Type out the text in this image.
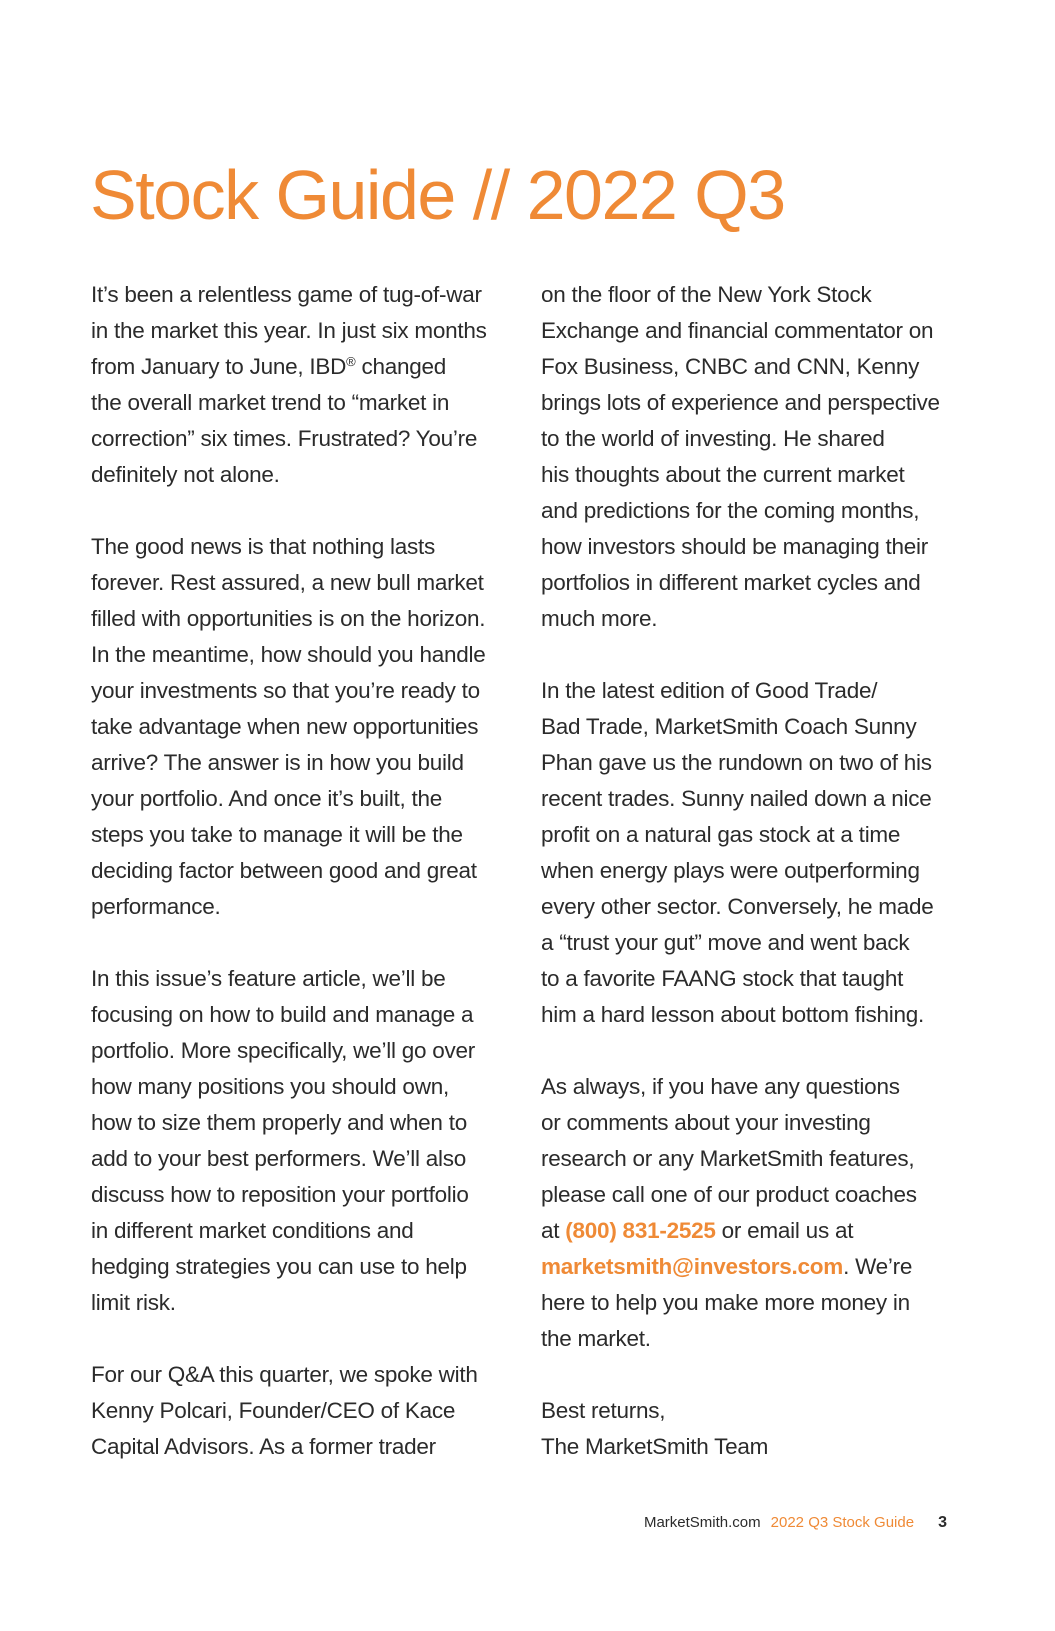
Stock Guide // 2022 Q3
It’s been a relentless game of tug-of-war
in the market this year. In just six months
from January to June, IBD® changed
the overall market trend to “market in
correction” six times. Frustrated? You’re
definitely not alone.
The good news is that nothing lasts
forever. Rest assured, a new bull market
filled with opportunities is on the horizon.
In the meantime, how should you handle
your investments so that you’re ready to
take advantage when new opportunities
arrive? The answer is in how you build
your portfolio. And once it’s built, the
steps you take to manage it will be the
deciding factor between good and great
performance.
In this issue’s feature article, we’ll be
focusing on how to build and manage a
portfolio. More specifically, we’ll go over
how many positions you should own,
how to size them properly and when to
add to your best performers. We’ll also
discuss how to reposition your portfolio
in different market conditions and
hedging strategies you can use to help
limit risk.
For our Q&A this quarter, we spoke with
Kenny Polcari, Founder/CEO of Kace
Capital Advisors. As a former trader
on the floor of the New York Stock
Exchange and financial commentator on
Fox Business, CNBC and CNN, Kenny
brings lots of experience and perspective
to the world of investing. He shared
his thoughts about the current market
and predictions for the coming months,
how investors should be managing their
portfolios in different market cycles and
much more.
In the latest edition of Good Trade/
Bad Trade, MarketSmith Coach Sunny
Phan gave us the rundown on two of his
recent trades. Sunny nailed down a nice
profit on a natural gas stock at a time
when energy plays were outperforming
every other sector. Conversely, he made
a “trust your gut” move and went back
to a favorite FAANG stock that taught
him a hard lesson about bottom fishing.
As always, if you have any questions
or comments about your investing
research or any MarketSmith features,
please call one of our product coaches
at (800) 831-2525 or email us at
marketsmith@investors.com. We’re
here to help you make more money in
the market.
Best returns,
The MarketSmith Team
MarketSmith.com 2022 Q3 Stock Guide 3
